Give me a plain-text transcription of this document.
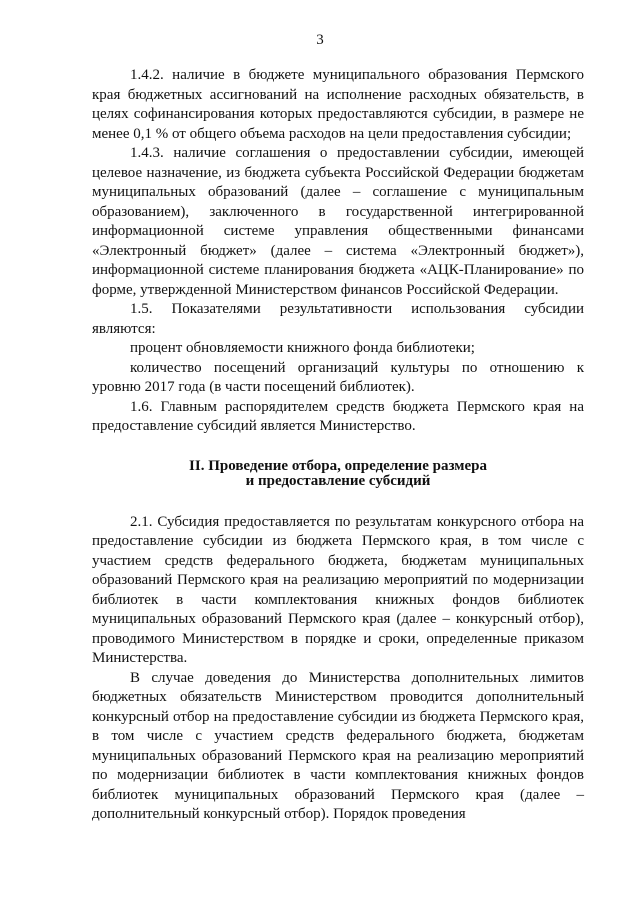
3

1.4.2. наличие в бюджете муниципального образования Пермского края бюджетных ассигнований на исполнение расходных обязательств, в целях софинансирования которых предоставляются субсидии, в размере не менее 0,1 % от общего объема расходов на цели предоставления субсидии;

1.4.3. наличие соглашения о предоставлении субсидии, имеющей целевое назначение, из бюджета субъекта Российской Федерации бюджетам муниципальных образований (далее – соглашение с муниципальным образованием), заключенного в государственной интегрированной информационной системе управления общественными финансами «Электронный бюджет» (далее – система «Электронный бюджет»), информационной системе планирования бюджета «АЦК-Планирование» по форме, утвержденной Министерством финансов Российской Федерации.

1.5. Показателями результативности использования субсидии являются:

процент обновляемости книжного фонда библиотеки;

количество посещений организаций культуры по отношению к уровню 2017 года (в части посещений библиотек).

1.6. Главным распорядителем средств бюджета Пермского края на предоставление субсидий является Министерство.

II. Проведение отбора, определение размера
и предоставление субсидий

2.1. Субсидия предоставляется по результатам конкурсного отбора на предоставление субсидии из бюджета Пермского края, в том числе с участием средств федерального бюджета, бюджетам муниципальных образований Пермского края на реализацию мероприятий по модернизации библиотек в части комплектования книжных фондов библиотек муниципальных образований Пермского края (далее – конкурсный отбор), проводимого Министерством в порядке и сроки, определенные приказом Министерства.

В случае доведения до Министерства дополнительных лимитов бюджетных обязательств Министерством проводится дополнительный конкурсный отбор на предоставление субсидии из бюджета Пермского края, в том числе с участием средств федерального бюджета, бюджетам муниципальных образований Пермского края на реализацию мероприятий по модернизации библиотек в части комплектования книжных фондов библиотек муниципальных образований Пермского края (далее – дополнительный конкурсный отбор). Порядок проведения
